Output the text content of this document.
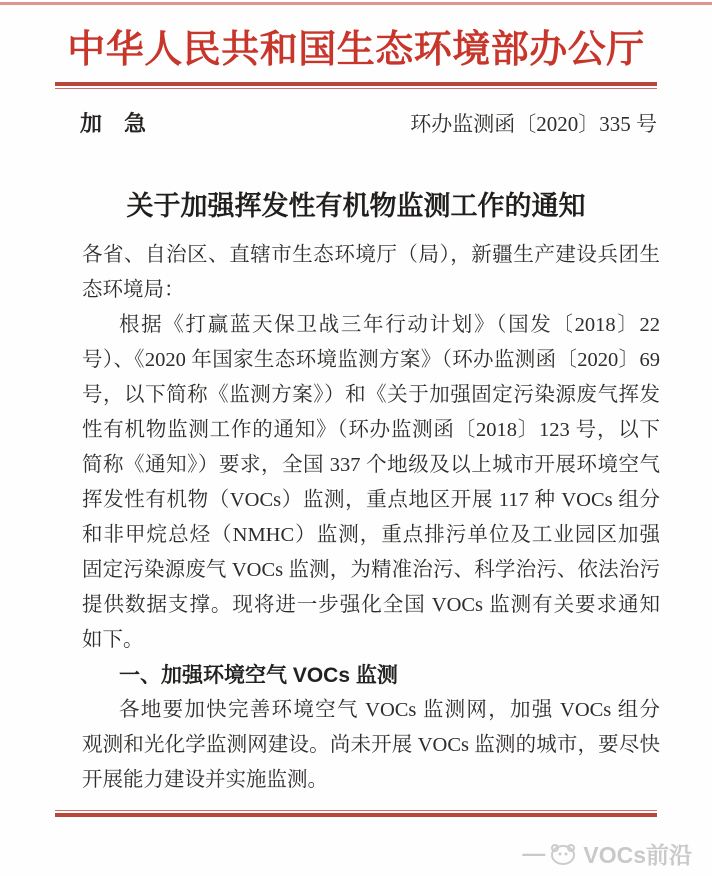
中华人民共和国生态环境部办公厅
加　急	环办监测函〔2020〕335 号
关于加强挥发性有机物监测工作的通知
各省、自治区、直辖市生态环境厅（局），新疆生产建设兵团生
态环境局：
根据《打赢蓝天保卫战三年行动计划》（国发〔2018〕22
号）、《2020 年国家生态环境监测方案》（环办监测函〔2020〕69
号，以下简称《监测方案》）和《关于加强固定污染源废气挥发
性有机物监测工作的通知》（环办监测函〔2018〕123 号，以下
简称《通知》）要求，全国 337 个地级及以上城市开展环境空气
挥发性有机物（VOCs）监测，重点地区开展 117 种 VOCs 组分
和非甲烷总烃（NMHC）监测，重点排污单位及工业园区加强
固定污染源废气 VOCs 监测，为精准治污、科学治污、依法治污
提供数据支撑。现将进一步强化全国 VOCs 监测有关要求通知
如下。
一、加强环境空气 VOCs 监测
各地要加快完善环境空气 VOCs 监测网，加强 VOCs 组分
观测和光化学监测网建设。尚未开展 VOCs 监测的城市，要尽快
开展能力建设并实施监测。
— VOCs前沿
